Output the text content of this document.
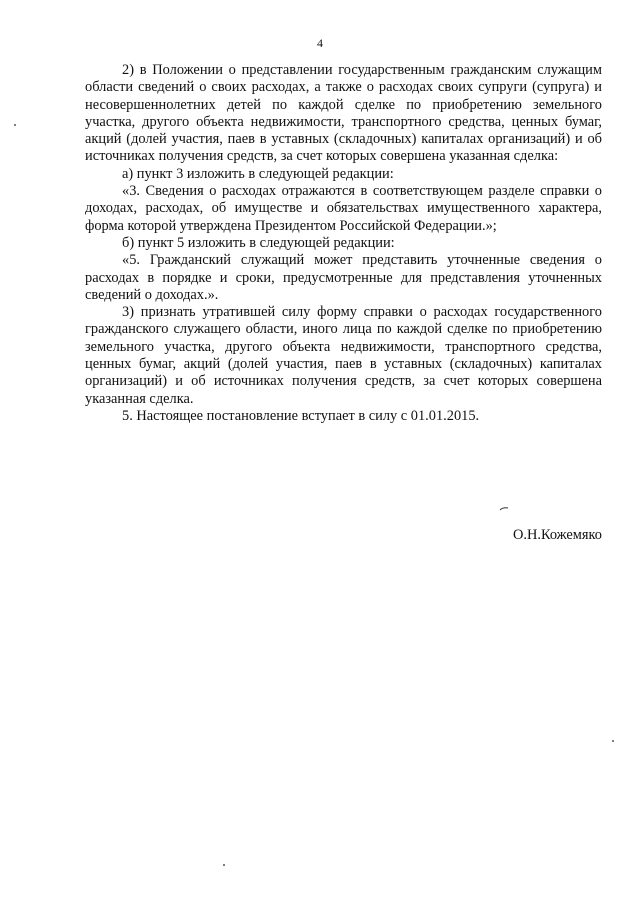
4

2) в Положении о представлении государственным гражданским служащим области сведений о своих расходах, а также о расходах своих супруги (супруга) и несовершеннолетних детей по каждой сделке по приобретению земельного участка, другого объекта недвижимости, транспортного средства, ценных бумаг, акций (долей участия, паев в уставных (складочных) капиталах организаций) и об источниках получения средств, за счет которых совершена указанная сделка:

а) пункт 3 изложить в следующей редакции:

«3. Сведения о расходах отражаются в соответствующем разделе справки о доходах, расходах, об имуществе и обязательствах имущественного характера, форма которой утверждена Президентом Российской Федерации.»;

б) пункт 5 изложить в следующей редакции:

«5. Гражданский служащий может представить уточненные сведения о расходах в порядке и сроки, предусмотренные для представления уточненных сведений о доходах.».

3) признать утратившей силу форму справки о расходах государственного гражданского служащего области, иного лица по каждой сделке по приобретению земельного участка, другого объекта недвижимости, транспортного средства, ценных бумаг, акций (долей участия, паев в уставных (складочных) капиталах организаций) и об источниках получения средств, за счет которых совершена указанная сделка.

5. Настоящее постановление вступает в силу с 01.01.2015.

О.Н.Кожемяко
